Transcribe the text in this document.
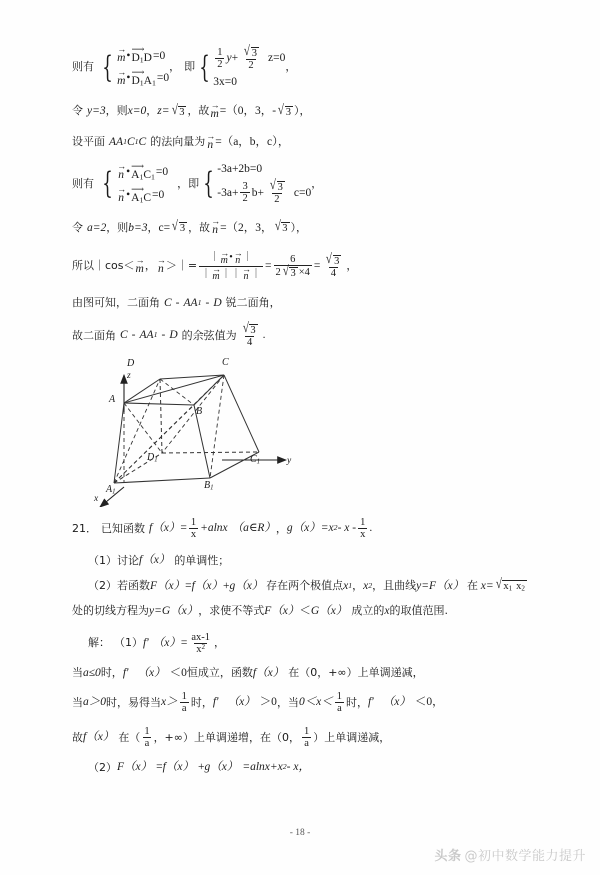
则有 {
→
m •
⟶
$D_1D =0$
→
m •
⟶
$D_1A_1 =0$
， 即 { $\frac{1}{2}$ $y + \frac{√ 3}{2}$ z =0
3x=0
，
令 y=3 ，则 x=0 ， z= √ 3 ，故 →
m =（0，3，- √ 3 ），
设平面 AA 1 C 1 C 的法向量为 →
n =（a，b，c），
则有 {
→
n •
⟶
$A_1C_1 =0$
→
n •
⟶
$A_1C =0$
， 即 { -3a+2b=0
$-3a+ \frac{3}{2} b+ \frac{√ 3}{2} c=0$
，
令 a=2 ，则 b=3 ， c= √ 3 ，故 →
n =（2，3， √ 3 ），
所以｜cos＜ →
m ， →
n ＞｜= ｜ →
m • →
n ｜
｜ →
m ｜｜ →
n ｜ = $\frac{6}{2 √ 3 \times 4} = \frac{√ 3}{4}$ ，
由图可知，二面角 C - AA 1 - D 锐二面角，
故二面角 C - AA 1 - D 的余弦值为 $\frac{√ 3}{4}$ .
D	C
A
B
$D_1$	$C_1$
$A_1$
$B_1$
z
y
x
21． 已知函数 f $(x) = \frac{1}{x} +alnx$ （a∈R） ， g （x） =x 2 - x - $\frac{1}{x}$ .
（1） 讨论 f （x） 的单调性；
（2） 若函数 F （x） = f （x） + g （x） 存在两个极值点 x 1 ， x 2 ，且曲线 y= F （x） 在 x= √ $x_1$ $x_2$
处的切线方程为 y=G （x） ，求使不等式 F （x） ＜ G （x） 成立的 x 的取值范围.
解： （1） f′ $(x) = \frac{ax-1}{x^2}$ ，
当 a≤0 时， f′ （x） ＜0 恒成立，函数 f （x） 在（0，+∞）上单调递减，
当 a＞0 时，易得当 $x> \frac{1}{a}$ 时， f′ （x） ＞0 ，当 $0<x< \frac{1}{a}$ 时， f′ （x） ＜0，
故 f （x） 在（ $\frac{1}{a}$ ，+∞）上单调递增，在（0， $\frac{1}{a}$ ）上单调递减，
（2） F （x） = f （x） + g （x） =alnx+x 2 - x，
- 18 -
头条 @初中数学能力提升
